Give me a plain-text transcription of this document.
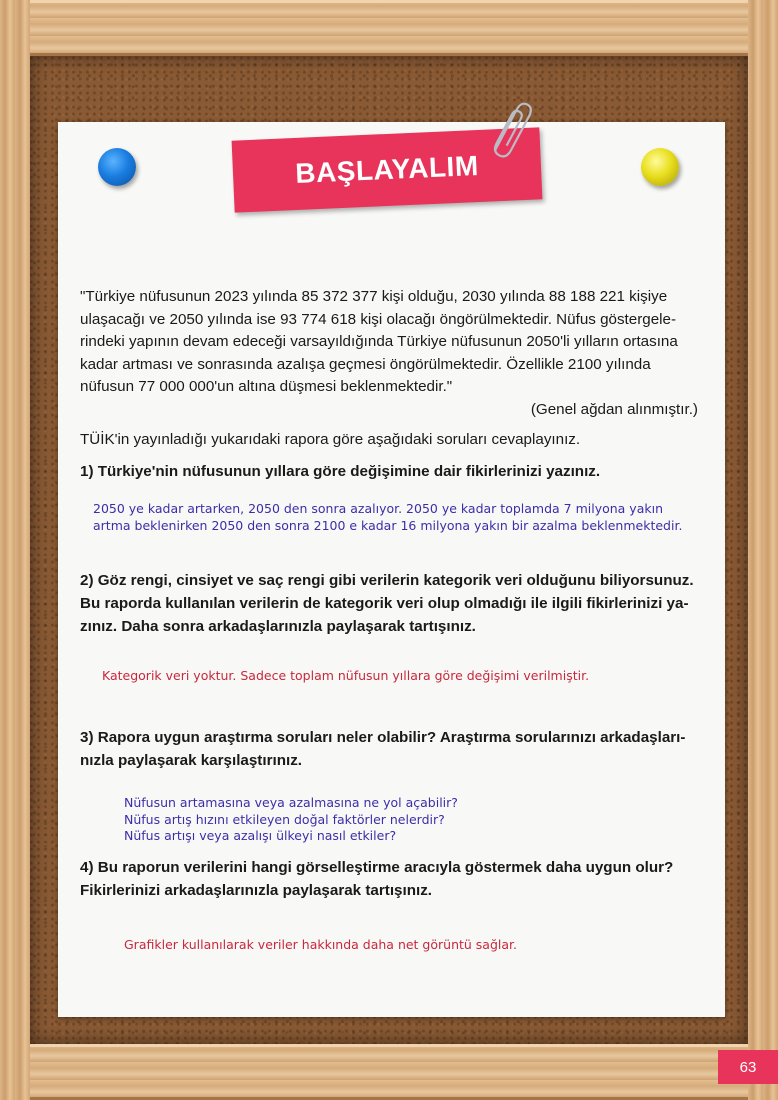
BAŞLAYALIM
"Türkiye nüfusunun 2023 yılında 85 372 377 kişi olduğu, 2030 yılında 88 188 221 kişiye
ulaşacağı ve 2050 yılında ise 93 774 618 kişi olacağı öngörülmektedir. Nüfus göstergele-
rindeki yapının devam edeceği varsayıldığında Türkiye nüfusunun 2050'li yılların ortasına
kadar artması ve sonrasında azalışa geçmesi öngörülmektedir. Özellikle 2100 yılında
nüfusun 77 000 000'un altına düşmesi beklenmektedir."
(Genel ağdan alınmıştır.)
TÜİK'in yayınladığı yukarıdaki rapora göre aşağıdaki soruları cevaplayınız.
1) Türkiye'nin nüfusunun yıllara göre değişimine dair fikirlerinizi yazınız.
2050 ye kadar artarken, 2050 den sonra azalıyor. 2050 ye kadar toplamda 7 milyona yakın
artma beklenirken 2050 den sonra 2100 e kadar 16 milyona yakın bir azalma beklenmektedir.
2) Göz rengi, cinsiyet ve saç rengi gibi verilerin kategorik veri olduğunu biliyorsunuz.
Bu raporda kullanılan verilerin de kategorik veri olup olmadığı ile ilgili fikirlerinizi ya-
zınız. Daha sonra arkadaşlarınızla paylaşarak tartışınız.
Kategorik veri yoktur. Sadece toplam nüfusun yıllara göre değişimi verilmiştir.
3) Rapora uygun araştırma soruları neler olabilir? Araştırma sorularınızı arkadaşları-
nızla paylaşarak karşılaştırınız.
Nüfusun artamasına veya azalmasına ne yol açabilir?
Nüfus artış hızını etkileyen doğal faktörler nelerdir?
Nüfus artışı veya azalışı ülkeyi nasıl etkiler?
4) Bu raporun verilerini hangi görselleştirme aracıyla göstermek daha uygun olur?
Fikirlerinizi arkadaşlarınızla paylaşarak tartışınız.
Grafikler kullanılarak veriler hakkında daha net görüntü sağlar.
63
